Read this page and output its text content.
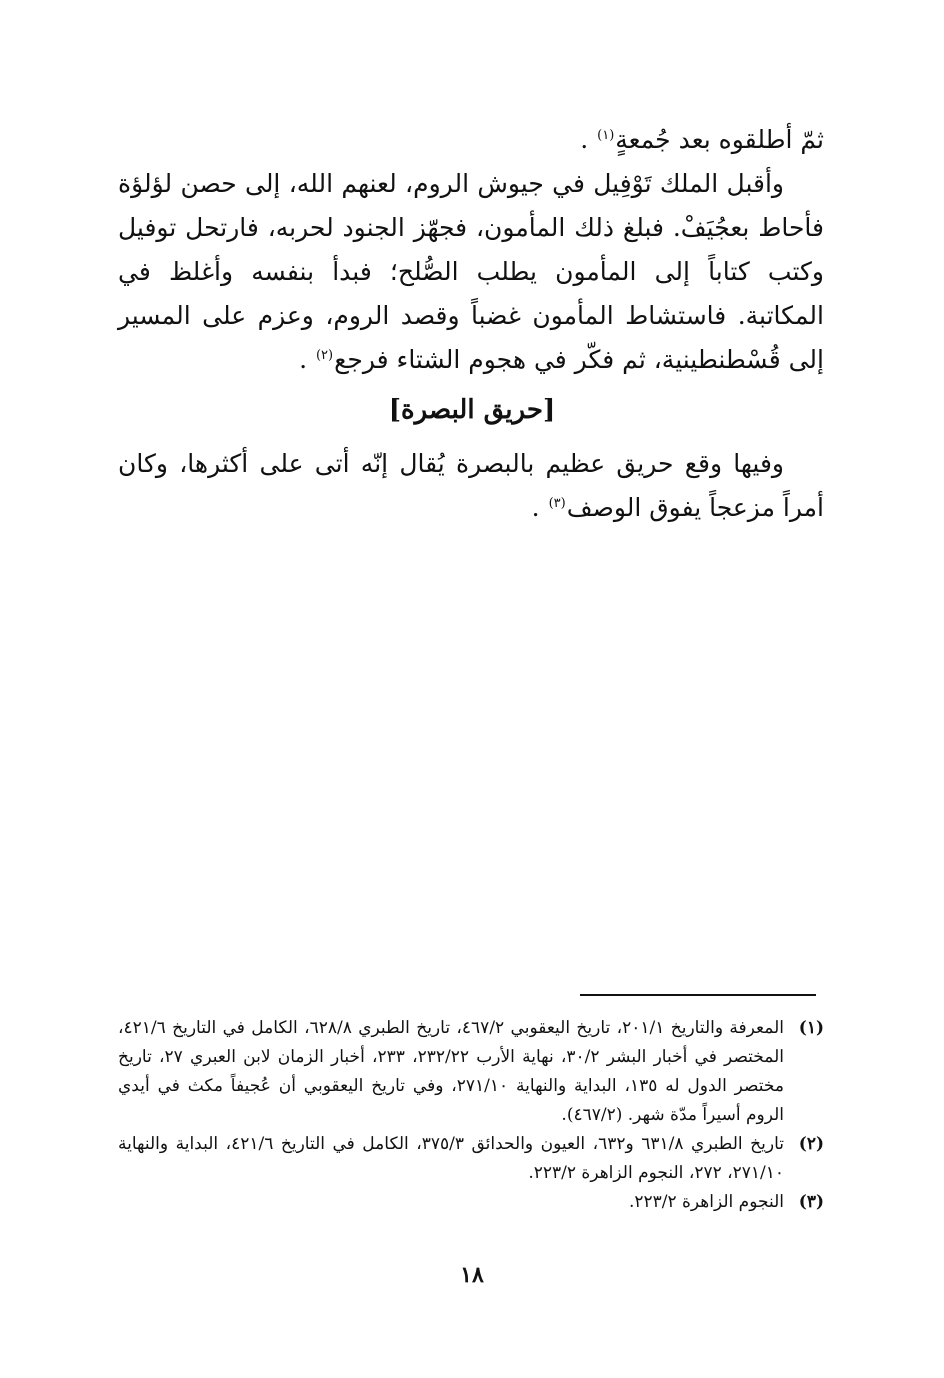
ثمّ أطلقوه بعد جُمعةٍ$^{(١)}$ .

وأقبل الملك تَوْفِيل في جيوش الروم، لعنهم الله، إلى حصن لؤلؤة فأحاط بعجُيَفْ. فبلغ ذلك المأمون، فجهّز الجنود لحربه، فارتحل توفيل وكتب كتاباً إلى المأمون يطلب الصُّلح؛ فبدأ بنفسه وأغلظ في المكاتبة. فاستشاط المأمون غضباً وقصد الروم، وعزم على المسير إلى قُسْطنطينية، ثم فكّر في هجوم الشتاء فرجع$^{(٢)}$ .

[حريق البصرة]

وفيها وقع حريق عظيم بالبصرة يُقال إنّه أتى على أكثرها، وكان أمراً مزعجاً يفوق الوصف$^{(٣)}$ .

(١)
المعرفة والتاريخ ٢٠١/١، تاريخ اليعقوبي ٤٦٧/٢، تاريخ الطبري ٦٢٨/٨، الكامل في التاريخ ٤٢١/٦، المختصر في أخبار البشر ٣٠/٢، نهاية الأرب ٢٣٢/٢٢، ٢٣٣، أخبار الزمان لابن العبري ٢٧، تاريخ مختصر الدول له ١٣٥، البداية والنهاية ٢٧١/١٠، وفي تاريخ اليعقوبي أن عُجيفاً مكث في أيدي الروم أسيراً مدّة شهر. (٤٦٧/٢).
(٢)
تاريخ الطبري ٦٣١/٨ و٦٣٢، العيون والحدائق ٣٧٥/٣، الكامل في التاريخ ٤٢١/٦، البداية والنهاية ٢٧١/١٠، ٢٧٢، النجوم الزاهرة ٢٢٣/٢.
(٣)
النجوم الزاهرة ٢٢٣/٢.
١٨
